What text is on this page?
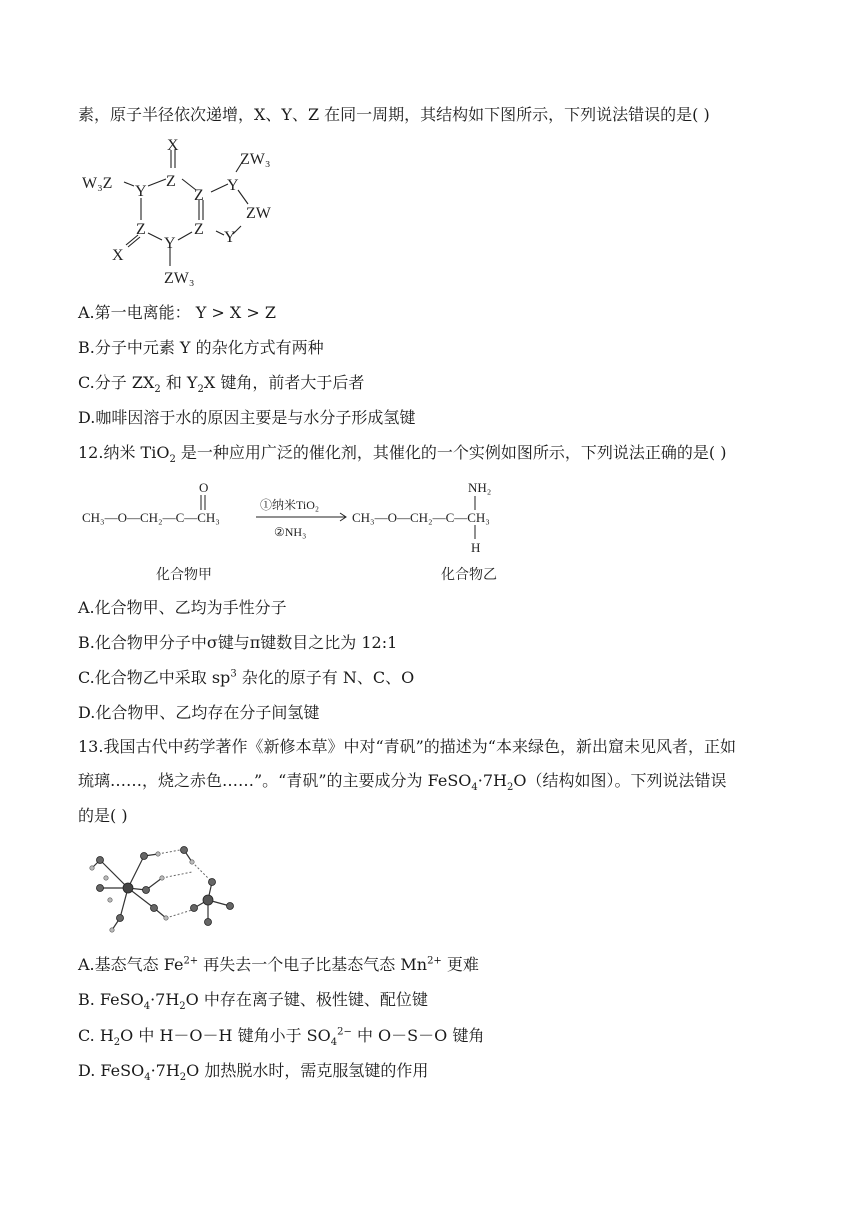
素，原子半径依次递增，X、Y、Z 在同一周期，其结构如下图所示，下列说法错误的是( )
X
W₃Z Y
Z
Z
Y
ZW₃
ZW
Y
Z
Z
Y
X
ZW₃
A.第一电离能： Y > X > Z
B.分子中元素 Y 的杂化方式有两种
C.分子 $ZX_2$ 和 $Y_2X$ 键角，前者大于后者
D.咖啡因溶于水的原因主要是与水分子形成氢键
12.纳米 TiO$_2$ 是一种应用广泛的催化剂，其催化的一个实例如图所示，下列说法正确的是( )
CH₃—O—CH₂—C—CH₃
O
①纳米TiO₂
②NH₃
CH₃—O—CH₂—C—CH₃
NH₂
H
化合物甲	化合物乙
A.化合物甲、乙均为手性分子
B.化合物甲分子中σ键与π键数目之比为 12:1
C.化合物乙中采取 $sp^3$ 杂化的原子有 N、C、O
D.化合物甲、乙均存在分子间氢键
13.我国古代中药学著作《新修本草》中对“青矾”的描述为“本来绿色，新出窟未见风者，正如
琉璃……，烧之赤色……”。“青矾”的主要成分为 $FeSO_4\cdot 7H_2O$（结构如图）。下列说法错误
的是( )
A.基态气态 $Fe^{2+}$ 再失去一个电子比基态气态 $Mn^{2+}$ 更难
B. $FeSO_4\cdot 7H_2O$ 中存在离子键、极性键、配位键
C. $H_2O$ 中 H－O－H 键角小于 $SO_4^{2-}$ 中 O－S－O 键角
D. $FeSO_4\cdot 7H_2O$ 加热脱水时，需克服氢键的作用
